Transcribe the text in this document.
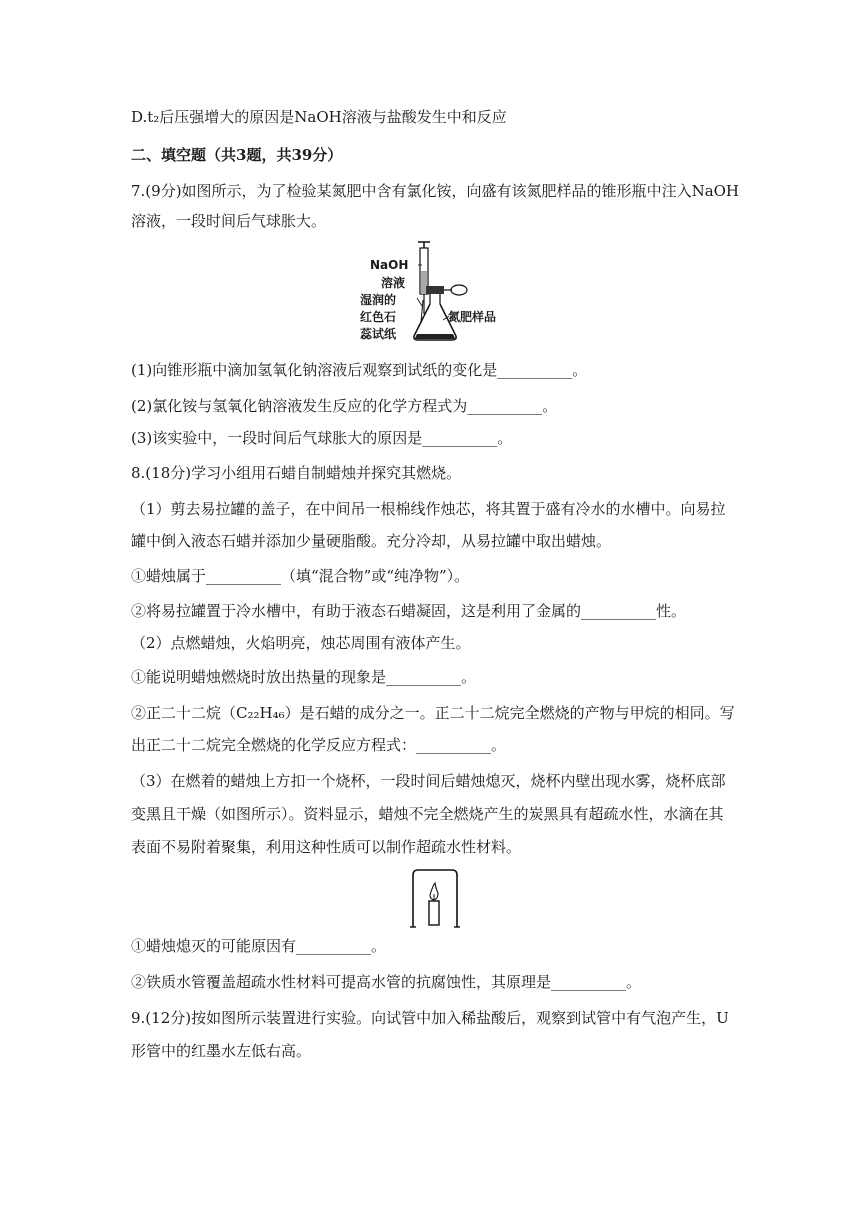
D.t₂后压强增大的原因是NaOH溶液与盐酸发生中和反应
二、填空题（共3题，共39分）
7.(9分)如图所示，为了检验某氮肥中含有氯化铵，向盛有该氮肥样品的锥形瓶中注入NaOH
溶液，一段时间后气球胀大。
NaOH
溶液
湿润的
红色石
蕊试纸
氮肥样品
(1)向锥形瓶中滴加氢氧化钠溶液后观察到试纸的变化是__________。
(2)氯化铵与氢氧化钠溶液发生反应的化学方程式为__________。
(3)该实验中，一段时间后气球胀大的原因是__________。
8.(18分)学习小组用石蜡自制蜡烛并探究其燃烧。
（1）剪去易拉罐的盖子，在中间吊一根棉线作烛芯，将其置于盛有冷水的水槽中。向易拉
罐中倒入液态石蜡并添加少量硬脂酸。充分冷却，从易拉罐中取出蜡烛。
①蜡烛属于__________（填“混合物”或“纯净物”）。
②将易拉罐置于冷水槽中，有助于液态石蜡凝固，这是利用了金属的__________性。
（2）点燃蜡烛，火焰明亮，烛芯周围有液体产生。
①能说明蜡烛燃烧时放出热量的现象是__________。
②正二十二烷（C₂₂H₄₆）是石蜡的成分之一。正二十二烷完全燃烧的产物与甲烷的相同。写
出正二十二烷完全燃烧的化学反应方程式：__________。
（3）在燃着的蜡烛上方扣一个烧杯，一段时间后蜡烛熄灭，烧杯内壁出现水雾，烧杯底部
变黑且干燥（如图所示）。资料显示，蜡烛不完全燃烧产生的炭黑具有超疏水性，水滴在其
表面不易附着聚集，利用这种性质可以制作超疏水性材料。
①蜡烛熄灭的可能原因有__________。
②铁质水管覆盖超疏水性材料可提高水管的抗腐蚀性，其原理是__________。
9.(12分)按如图所示装置进行实验。向试管中加入稀盐酸后，观察到试管中有气泡产生，U
形管中的红墨水左低右高。
